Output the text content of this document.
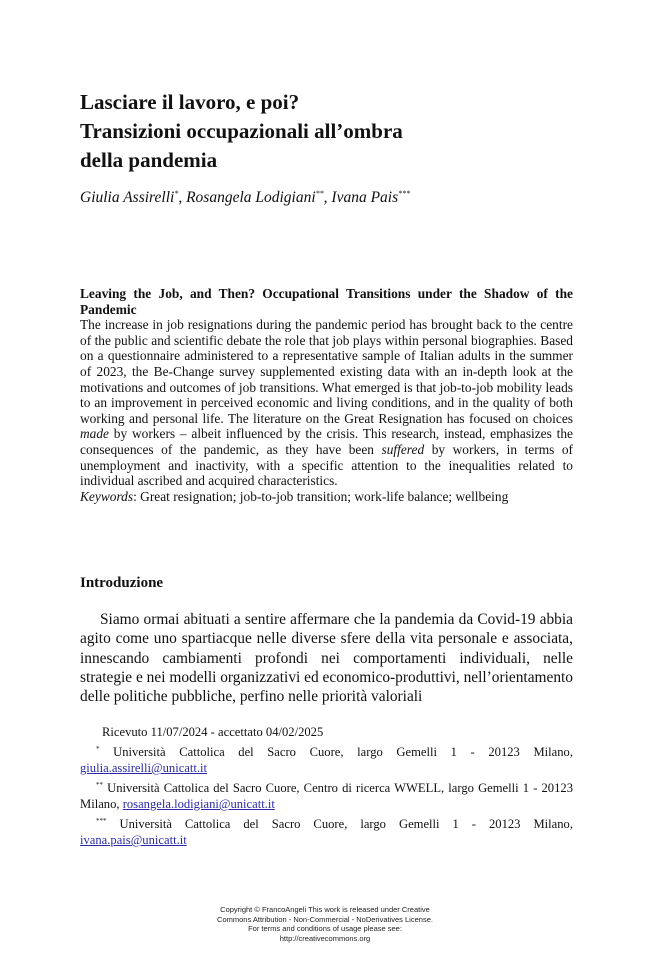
Lasciare il lavoro, e poi?
Transizioni occupazionali all’ombra
della pandemia
Giulia Assirelli*, Rosangela Lodigiani**, Ivana Pais***

Leaving the Job, and Then? Occupational Transitions under the Shadow of the Pandemic

The increase in job resignations during the pandemic period has brought back to the centre of the public and scientific debate the role that job plays within personal biographies. Based on a questionnaire administered to a representative sample of Italian adults in the summer of 2023, the Be-Change survey supplemented existing data with an in-depth look at the motivations and outcomes of job transitions. What emerged is that job-to-job mobility leads to an improvement in perceived economic and living conditions, and in the quality of both working and personal life. The literature on the Great Resignation has focused on choices made by workers – albeit influenced by the crisis. This research, instead, emphasizes the consequences of the pandemic, as they have been suffered by workers, in terms of unemployment and inactivity, with a specific attention to the inequalities related to individual ascribed and acquired characteristics.

Keywords: Great resignation; job-to-job transition; work-life balance; wellbeing

Introduzione

Siamo ormai abituati a sentire affermare che la pandemia da Covid-19 abbia agito come uno spartiacque nelle diverse sfere della vita personale e associata, innescando cambiamenti profondi nei comportamenti individuali, nelle strategie e nei modelli organizzativi ed economico-produttivi, nell’orientamento delle politiche pubbliche, perfino nelle priorità valoriali

Ricevuto 11/07/2024 - accettato 04/02/2025

* Università Cattolica del Sacro Cuore, largo Gemelli 1 - 20123 Milano, giulia.assirelli@unicatt.it

** Università Cattolica del Sacro Cuore, Centro di ricerca WWELL, largo Gemelli 1 - 20123 Milano, rosangela.lodigiani@unicatt.it

*** Università Cattolica del Sacro Cuore, largo Gemelli 1 - 20123 Milano, ivana.pais@unicatt.it

Copyright © FrancoAngeli This work is released under Creative
Commons Attribution - Non-Commercial - NoDerivatives License.
For terms and conditions of usage please see:
http://creativecommons.org
